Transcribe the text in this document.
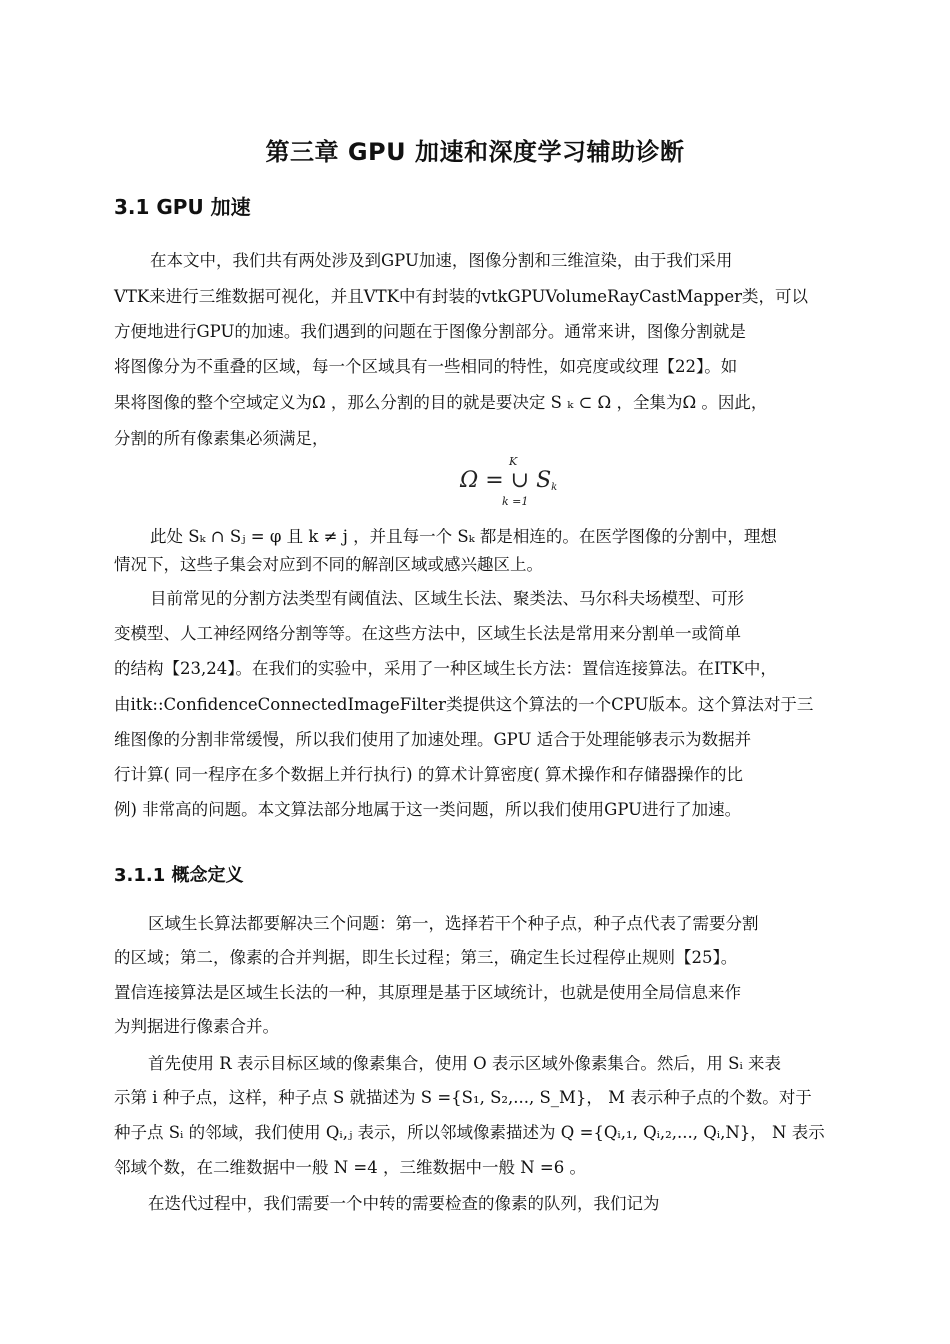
第三章 GPU 加速和深度学习辅助诊断
3.1 GPU 加速
在本文中，我们共有两处涉及到GPU加速，图像分割和三维渲染，由于我们采用
VTK来进行三维数据可视化，并且VTK中有封装的vtkGPUVolumeRayCastMapper类，可以
方便地进行GPU的加速。我们遇到的问题在于图像分割部分。通常来讲，图像分割就是
将图像分为不重叠的区域，每一个区域具有一些相同的特性，如亮度或纹理【22】。如
果将图像的整个空域定义为Ω ，那么分割的目的就是要决定 S ₖ ⊂ Ω ，全集为Ω 。因此，
分割的所有像素集必须满足，
K
Ω = ∪ $S_k$
k =1
此处 Sₖ ∩ Sⱼ = φ 且 k ≠ j ，并且每一个 Sₖ 都是相连的。在医学图像的分割中，理想
情况下，这些子集会对应到不同的解剖区域或感兴趣区上。
目前常见的分割方法类型有阈值法、区域生长法、聚类法、马尔科夫场模型、可形
变模型、人工神经网络分割等等。在这些方法中，区域生长法是常用来分割单一或简单
的结构【23,24】。在我们的实验中，采用了一种区域生长方法：置信连接算法。在ITK中，
由itk::ConfidenceConnectedImageFilter类提供这个算法的一个CPU版本。这个算法对于三
维图像的分割非常缓慢，所以我们使用了加速处理。GPU 适合于处理能够表示为数据并
行计算( 同一程序在多个数据上并行执行) 的算术计算密度( 算术操作和存储器操作的比
例) 非常高的问题。本文算法部分地属于这一类问题，所以我们使用GPU进行了加速。
3.1.1 概念定义
区域生长算法都要解决三个问题：第一，选择若干个种子点，种子点代表了需要分割
的区域；第二，像素的合并判据，即生长过程；第三，确定生长过程停止规则【25】。
置信连接算法是区域生长法的一种，其原理是基于区域统计，也就是使用全局信息来作
为判据进行像素合并。
首先使用 R 表示目标区域的像素集合，使用 O 表示区域外像素集合。然后，用 Sᵢ 来表
示第 i 种子点，这样，种子点 S 就描述为 S ={S₁, S₂,..., S_M}， M 表示种子点的个数。对于
种子点 Sᵢ 的邻域，我们使用 Qᵢ,ⱼ 表示，所以邻域像素描述为 Q ={Qᵢ,₁, Qᵢ,₂,..., Qᵢ,N}， N 表示
邻域个数，在二维数据中一般 N =4 ，三维数据中一般 N =6 。
在迭代过程中，我们需要一个中转的需要检查的像素的队列，我们记为
